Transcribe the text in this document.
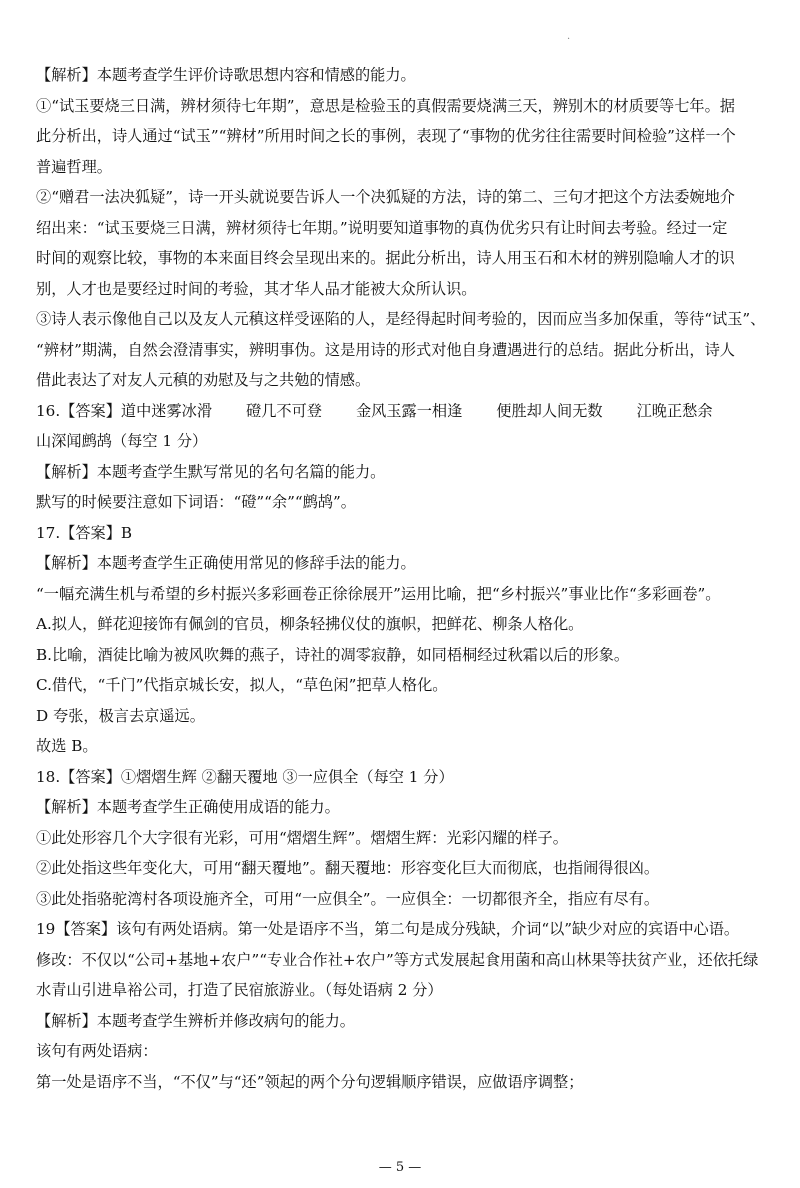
·
【解析】本题考查学生评价诗歌思想内容和情感的能力。
①“试玉要烧三日满，辨材须待七年期”，意思是检验玉的真假需要烧满三天，辨别木的材质要等七年。据
此分析出，诗人通过“试玉”“辨材”所用时间之长的事例，表现了“事物的优劣往往需要时间检验”这样一个
普遍哲理。
②“赠君一法决狐疑”，诗一开头就说要告诉人一个决狐疑的方法，诗的第二、三句才把这个方法委婉地介
绍出来：“试玉要烧三日满，辨材须待七年期。”说明要知道事物的真伪优劣只有让时间去考验。经过一定
时间的观察比较，事物的本来面目终会呈现出来的。据此分析出，诗人用玉石和木材的辨别隐喻人才的识
别，人才也是要经过时间的考验，其才华人品才能被大众所认识。
③诗人表示像他自己以及友人元稹这样受诬陷的人，是经得起时间考验的，因而应当多加保重，等待“试玉”、
“辨材”期满，自然会澄清事实，辨明事伪。这是用诗的形式对他自身遭遇进行的总结。据此分析出，诗人
借此表达了对友人元稹的劝慰及与之共勉的情感。
16.【答案】道中迷雾冰滑 磴几不可登 金风玉露一相逢 便胜却人间无数 江晚正愁余
山深闻鹧鸪（每空 1 分）
【解析】本题考查学生默写常见的名句名篇的能力。
默写的时候要注意如下词语：“磴”“余”“鹧鸪”。
17.【答案】B
【解析】本题考查学生正确使用常见的修辞手法的能力。
“一幅充满生机与希望的乡村振兴多彩画卷正徐徐展开”运用比喻，把“乡村振兴”事业比作“多彩画卷”。
A.拟人，鲜花迎接饰有佩剑的官员，柳条轻拂仪仗的旗帜，把鲜花、柳条人格化。
B.比喻，酒徒比喻为被风吹舞的燕子，诗社的凋零寂静，如同梧桐经过秋霜以后的形象。
C.借代，“千门”代指京城长安，拟人，“草色闲”把草人格化。
D 夸张，极言去京遥远。
故选 B。
18.【答案】①熠熠生辉 ②翻天覆地 ③一应俱全（每空 1 分）
【解析】本题考查学生正确使用成语的能力。
①此处形容几个大字很有光彩，可用“熠熠生辉”。熠熠生辉：光彩闪耀的样子。
②此处指这些年变化大，可用“翻天覆地”。翻天覆地：形容变化巨大而彻底，也指闹得很凶。
③此处指骆驼湾村各项设施齐全，可用“一应俱全”。一应俱全：一切都很齐全，指应有尽有。
19【答案】该句有两处语病。第一处是语序不当，第二句是成分残缺，介词“以”缺少对应的宾语中心语。
修改：不仅以“公司+基地+农户”“专业合作社+农户”等方式发展起食用菌和高山林果等扶贫产业，还依托绿
水青山引进阜裕公司，打造了民宿旅游业。（每处语病 2 分）
【解析】本题考查学生辨析并修改病句的能力。
该句有两处语病：
第一处是语序不当，“不仅”与“还”领起的两个分句逻辑顺序错误，应做语序调整；
— 5 —
